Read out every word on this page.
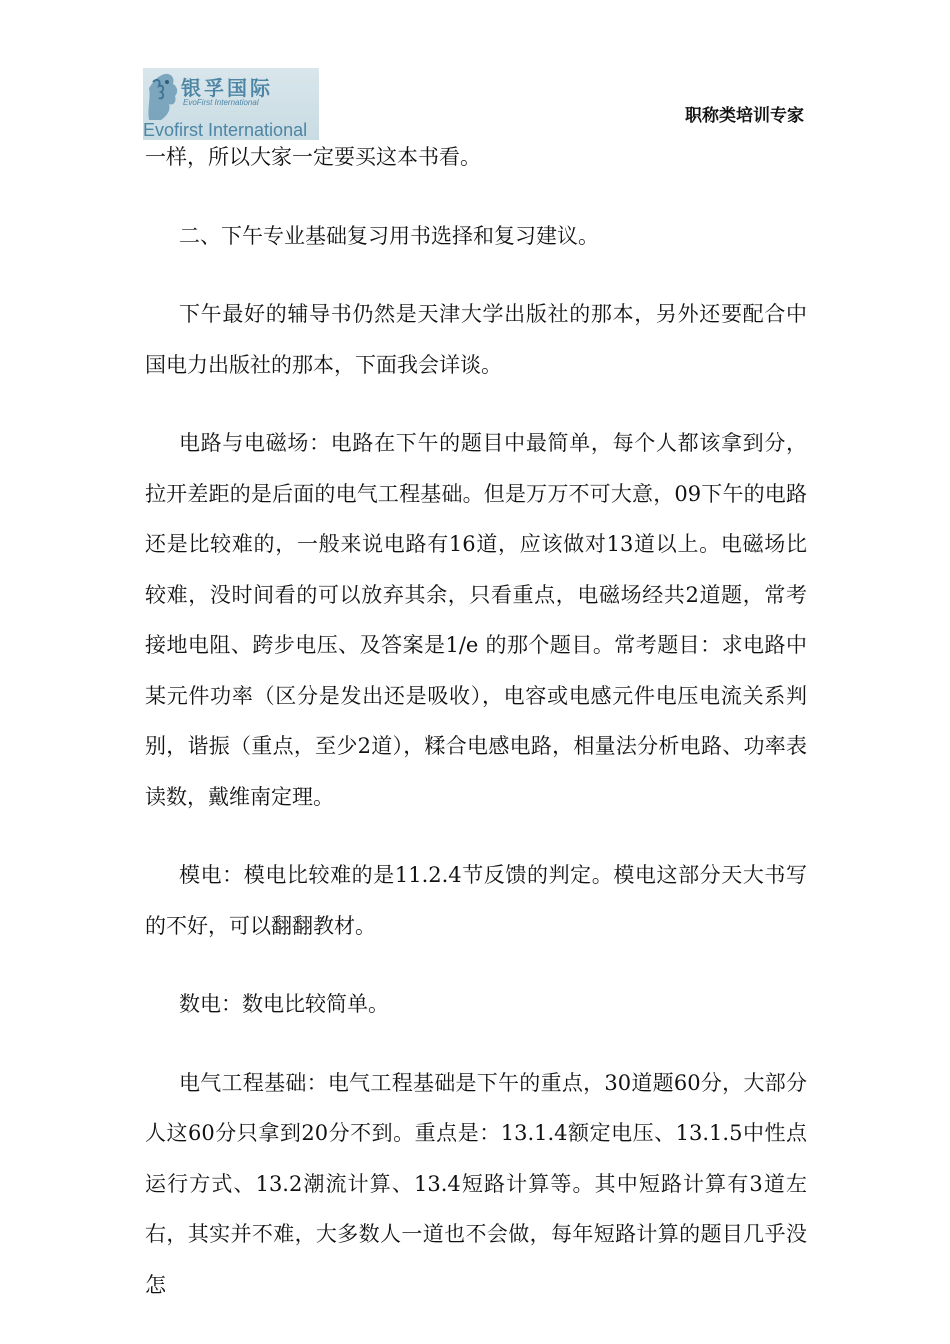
银孚国际
EvoFirst International
Evofirst International
职称类培训专家

一样，所以大家一定要买这本书看。

二、下午专业基础复习用书选择和复习建议。

下午最好的辅导书仍然是天津大学出版社的那本，另外还要配合中国电力出版社的那本，下面我会详谈。

电路与电磁场：电路在下午的题目中最简单，每个人都该拿到分，拉开差距的是后面的电气工程基础。但是万万不可大意，09下午的电路还是比较难的，一般来说电路有16道，应该做对13道以上。电磁场比较难，没时间看的可以放弃其余，只看重点，电磁场经共2道题，常考接地电阻、跨步电压、及答案是1/e 的那个题目。常考题目：求电路中某元件功率（区分是发出还是吸收），电容或电感元件电压电流关系判别，谐振（重点，至少2道），糅合电感电路，相量法分析电路、功率表读数，戴维南定理。

模电：模电比较难的是11.2.4节反馈的判定。模电这部分天大书写的不好，可以翻翻教材。

数电：数电比较简单。

电气工程基础：电气工程基础是下午的重点，30道题60分，大部分人这60分只拿到20分不到。重点是：13.1.4额定电压、13.1.5中性点运行方式、13.2潮流计算、13.4短路计算等。其中短路计算有3道左右，其实并不难，大多数人一道也不会做，每年短路计算的题目几乎没怎
